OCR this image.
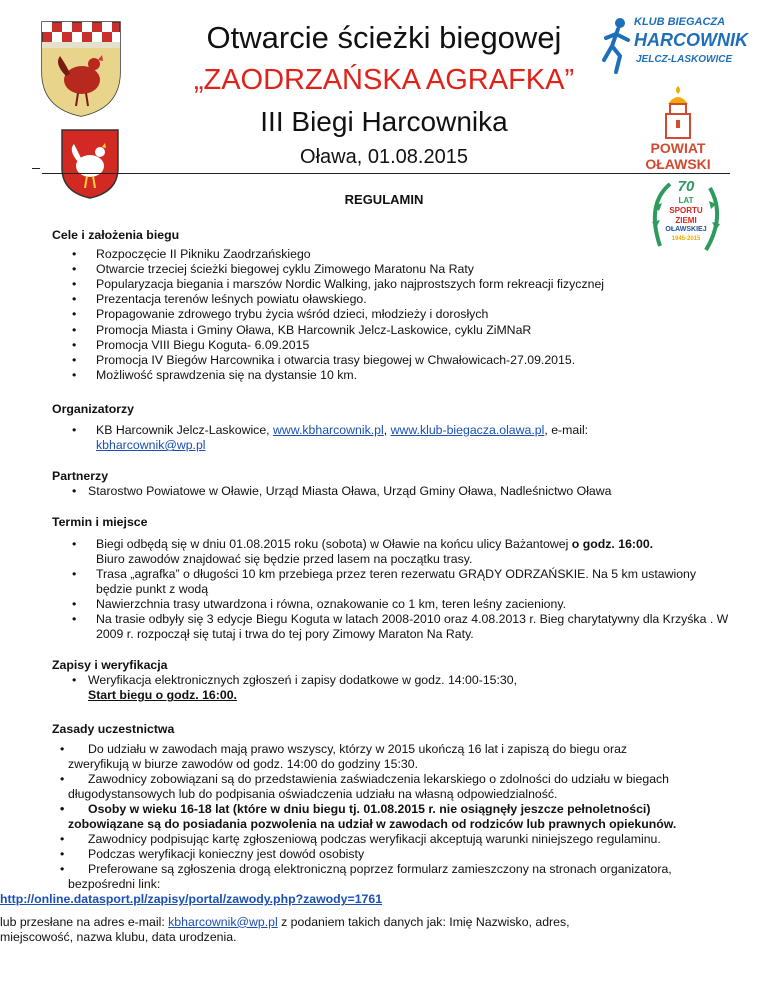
Otwarcie ścieżki biegowej
„ZAODRZAŃSKA AGRAFKA”
III Biegi Harcownika
Oława, 01.08.2015
KLUB BIEGACZA
HARCOWNIK
JELCZ-LASKOWICE
POWIAT OŁAWSKI
70
LAT
SPORTU
ZIEMI
OŁAWSKIEJ
1945-2015
REGULAMIN

Cele i założenia biegu

• Rozpoczęcie II Pikniku Zaodrzańskiego
• Otwarcie trzeciej ścieżki biegowej cyklu Zimowego Maratonu Na Raty
• Popularyzacja biegania i marszów Nordic Walking, jako najprostszych form rekreacji fizycznej
• Prezentacja terenów leśnych powiatu oławskiego.
• Propagowanie zdrowego trybu życia wśród dzieci, młodzieży i dorosłych
• Promocja Miasta i Gminy Oława, KB Harcownik Jelcz-Laskowice, cyklu ZiMNaR
• Promocja VIII Biegu Koguta- 6.09.2015
• Promocja IV Biegów Harcownika i otwarcia trasy biegowej w Chwałowicach-27.09.2015.
• Możliwość sprawdzenia się na dystansie 10 km.

Organizatorzy

• KB Harcownik Jelcz-Laskowice, www.kbharcownik.pl, www.klub-biegacza.olawa.pl, e-mail:
kbharcownik@wp.pl

Partnerzy

• Starostwo Powiatowe w Oławie, Urząd Miasta Oława, Urząd Gminy Oława, Nadleśnictwo Oława

Termin i miejsce

• Biegi odbędą się w dniu 01.08.2015 roku (sobota) w Oławie na końcu ulicy Bażantowej o godz. 16:00.
Biuro zawodów znajdować się będzie przed lasem na początku trasy.
• Trasa „agrafka” o długości 10 km przebiega przez teren rezerwatu GRĄDY ODRZAŃSKIE. Na 5 km ustawiony będzie punkt z wodą
• Nawierzchnia trasy utwardzona i równa, oznakowanie co 1 km, teren leśny zacieniony.
• Na trasie odbyły się 3 edycje Biegu Koguta w latach 2008-2010 oraz 4.08.2013 r. Bieg charytatywny dla Krzyśka . W 2009 r. rozpoczął się tutaj i trwa do tej pory Zimowy Maraton Na Raty.

Zapisy i weryfikacja

• Weryfikacja elektronicznych zgłoszeń i zapisy dodatkowe w godz. 14:00-15:30,
Start biegu o godz. 16:00.

Zasady uczestnictwa

• Do udziału w zawodach mają prawo wszyscy, którzy w 2015 ukończą 16 lat i zapiszą do biegu oraz
zweryfikują w biurze zawodów od godz. 14:00 do godziny 15:30.
• Zawodnicy zobowiązani są do przedstawienia zaświadczenia lekarskiego o zdolności do udziału w biegach
długodystansowych lub do podpisania oświadczenia udziału na własną odpowiedzialność.
• Osoby w wieku 16-18 lat (które w dniu biegu tj. 01.08.2015 r. nie osiągnęły jeszcze pełnoletności)
zobowiązane są do posiadania pozwolenia na udział w zawodach od rodziców lub prawnych opiekunów.
• Zawodnicy podpisując kartę zgłoszeniową podczas weryfikacji akceptują warunki niniejszego regulaminu.
• Podczas weryfikacji konieczny jest dowód osobisty
• Preferowane są zgłoszenia drogą elektroniczną poprzez formularz zamieszczony na stronach organizatora,
bezpośredni link:
http://online.datasport.pl/zapisy/portal/zawody.php?zawody=1761
lub przesłane na adres e-mail: kbharcownik@wp.pl z podaniem takich danych jak: Imię Nazwisko, adres,
miejscowość, nazwa klubu, data urodzenia.
